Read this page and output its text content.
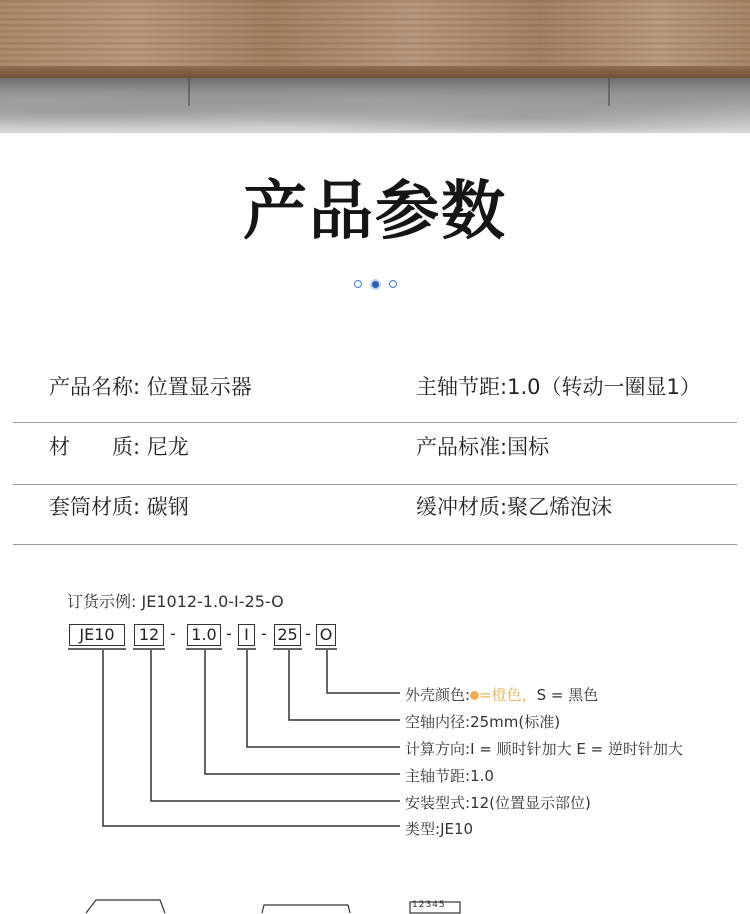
产品参数
产品名称: 位置显示器	主轴节距:1.0（转动一圈显1）
材　　质: 尼龙	产品标准:国标
套筒材质: 碳钢	缓冲材质:聚乙烯泡沫
订货示例: JE1012-1.0-I-25-O
JE10	12 - 1.0 - I - 25 - O
外壳颜色: =橙色，S = 黑色
空轴内径:25mm(标准)
计算方向:I = 顺时针加大 E = 逆时针加大
主轴节距:1.0
安装型式:12(位置显示部位)
类型:JE10
12345
